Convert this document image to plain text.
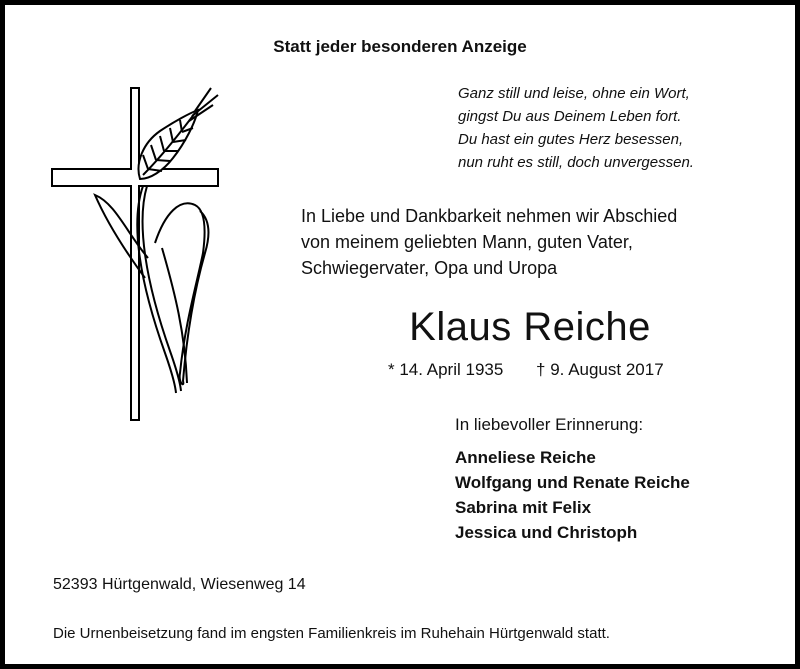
Statt jeder besonderen Anzeige
Ganz still und leise, ohne ein Wort,
gingst Du aus Deinem Leben fort.
Du hast ein gutes Herz besessen,
nun ruht es still, doch unvergessen.
In Liebe und Dankbarkeit nehmen wir Abschied
von meinem geliebten Mann, guten Vater,
Schwiegervater, Opa und Uropa
Klaus Reiche
* 14. April 1935 † 9. August 2017
In liebevoller Erinnerung:
Anneliese Reiche
Wolfgang und Renate Reiche
Sabrina mit Felix
Jessica und Christoph
52393 Hürtgenwald, Wiesenweg 14
Die Urnenbeisetzung fand im engsten Familienkreis im Ruhehain Hürtgenwald statt.
